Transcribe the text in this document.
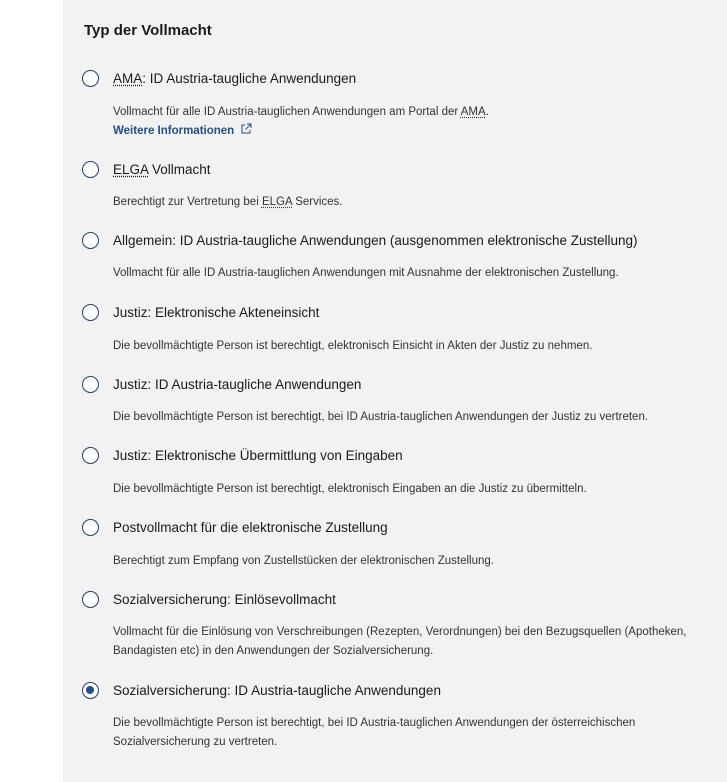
Typ der Vollmacht
AMA: ID Austria-taugliche Anwendungen
Vollmacht für alle ID Austria-tauglichen Anwendungen am Portal der AMA.
Weitere Informationen
ELGA Vollmacht
Berechtigt zur Vertretung bei ELGA Services.
Allgemein: ID Austria-taugliche Anwendungen (ausgenommen elektronische Zustellung)
Vollmacht für alle ID Austria-tauglichen Anwendungen mit Ausnahme der elektronischen Zustellung.
Justiz: Elektronische Akteneinsicht
Die bevollmächtigte Person ist berechtigt, elektronisch Einsicht in Akten der Justiz zu nehmen.
Justiz: ID Austria-taugliche Anwendungen
Die bevollmächtigte Person ist berechtigt, bei ID Austria-tauglichen Anwendungen der Justiz zu vertreten.
Justiz: Elektronische Übermittlung von Eingaben
Die bevollmächtigte Person ist berechtigt, elektronisch Eingaben an die Justiz zu übermitteln.
Postvollmacht für die elektronische Zustellung
Berechtigt zum Empfang von Zustellstücken der elektronischen Zustellung.
Sozialversicherung: Einlösevollmacht
Vollmacht für die Einlösung von Verschreibungen (Rezepten, Verordnungen) bei den Bezugsquellen (Apotheken, Bandagisten etc) in den Anwendungen der Sozialversicherung.
Sozialversicherung: ID Austria-taugliche Anwendungen
Die bevollmächtigte Person ist berechtigt, bei ID Austria-tauglichen Anwendungen der österreichischen Sozialversicherung zu vertreten.
